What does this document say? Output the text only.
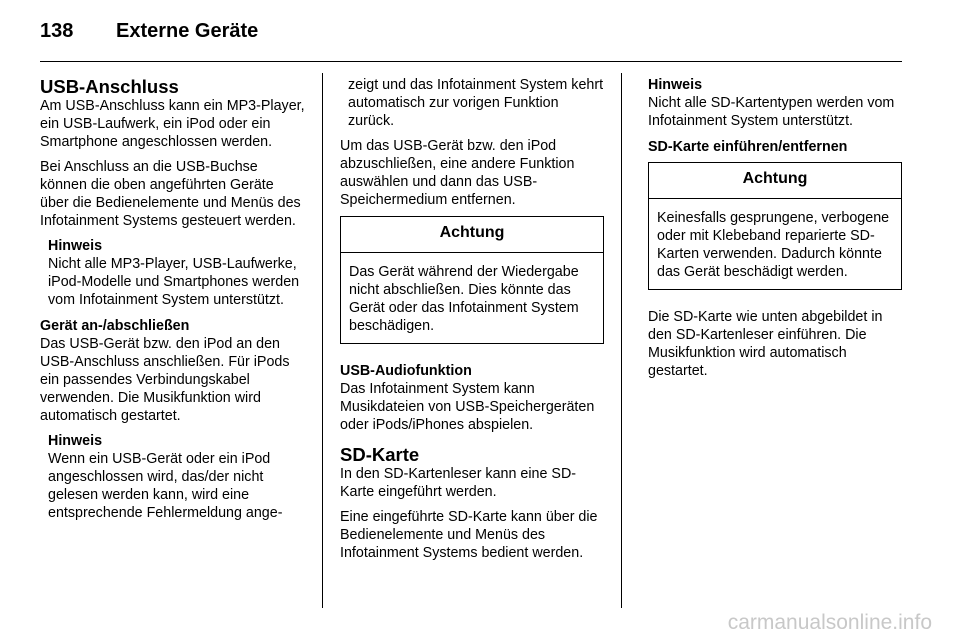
138 Externe Geräte
USB-Anschluss

Am USB-Anschluss kann ein MP3-Player, ein USB-Laufwerk, ein iPod oder ein Smartphone angeschlossen werden.

Bei Anschluss an die USB-Buchse können die oben angeführten Geräte über die Bedienelemente und Menüs des Infotainment Systems gesteuert werden.

Hinweis
Nicht alle MP3-Player, USB-Laufwerke, iPod-Modelle und Smartphones werden vom Infotainment System unterstützt.
Gerät an-/abschließen

Das USB-Gerät bzw. den iPod an den USB-Anschluss anschließen. Für iPods ein passendes Verbindungskabel verwenden. Die Musikfunktion wird automatisch gestartet.

Hinweis
Wenn ein USB-Gerät oder ein iPod angeschlossen wird, das/der nicht gelesen werden kann, wird eine entsprechende Fehlermeldung ange-

zeigt und das Infotainment System kehrt automatisch zur vorigen Funktion zurück.

Um das USB-Gerät bzw. den iPod abzuschließen, eine andere Funktion auswählen und dann das USB-Speichermedium entfernen.

Achtung
Das Gerät während der Wiedergabe nicht abschließen. Dies könnte das Gerät oder das Infotainment System beschädigen.
USB-Audiofunktion

Das Infotainment System kann Musikdateien von USB-Speichergeräten oder iPods/iPhones abspielen.

SD-Karte

In den SD-Kartenleser kann eine SD-Karte eingeführt werden.

Eine eingeführte SD-Karte kann über die Bedienelemente und Menüs des Infotainment Systems bedient werden.

Hinweis
Nicht alle SD-Kartentypen werden vom Infotainment System unterstützt.
SD-Karte einführen/entfernen
Achtung
Keinesfalls gesprungene, verbogene oder mit Klebeband reparierte SD-Karten verwenden. Dadurch könnte das Gerät beschädigt werden.

Die SD-Karte wie unten abgebildet in den SD-Kartenleser einführen. Die Musikfunktion wird automatisch gestartet.

carmanualsonline.info
